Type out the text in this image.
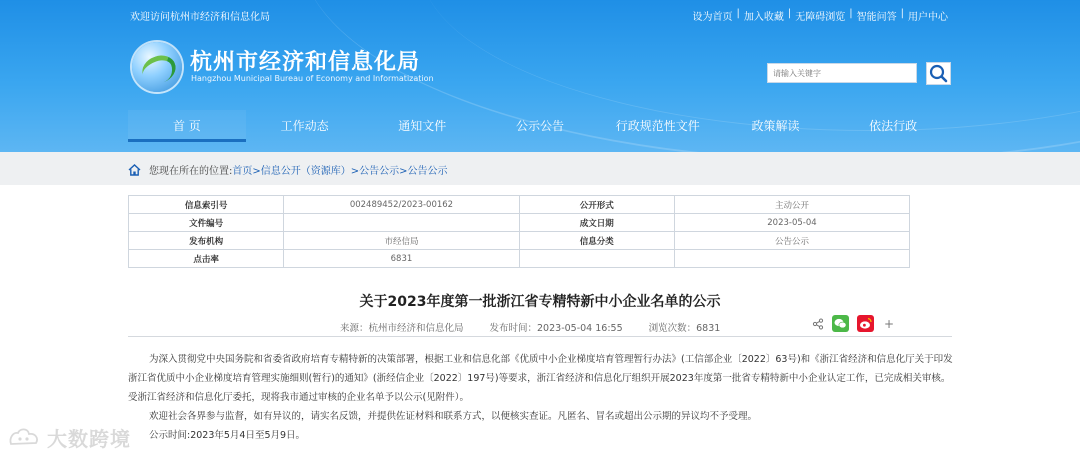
欢迎访问杭州市经济和信息化局	设为首页 | 加入收藏 | 无障碍浏览 | 智能问答 | 用户中心
杭州市经济和信息化局
Hangzhou Municipal Bureau of Economy and Informatization
请输入关键字
首 页	工作动态	通知文件	公示公告	行政规范性文件	政策解读	依法行政
您现在所在的位置: 首页> 信息公开（资源库）> 公告公示> 公告公示
信息索引号	002489452/2023-00162	公开形式	主动公开
文件编号		成文日期	2023-05-04
发布机构	市经信局	信息分类	公告公示
点击率	6831		
关于2023年度第一批浙江省专精特新中小企业名单的公示
来源：杭州市经济和信息化局	发布时间：2023-05-04 16:55	浏览次数：6831	+

为深入贯彻党中央国务院和省委省政府培育专精特新的决策部署，根据工业和信息化部《优质中小企业梯度培育管理暂行办法》(工信部企业〔2022〕63号)和《浙江省经济和信息化厅关于印发浙江省优质中小企业梯度培育管理实施细则(暂行)的通知》(浙经信企业〔2022〕197号)等要求，浙江省经济和信息化厅组织开展2023年度第一批省专精特新中小企业认定工作，已完成相关审核。受浙江省经济和信息化厅委托，现将我市通过审核的企业名单予以公示(见附件）。

欢迎社会各界参与监督，如有异议的，请实名反馈，并提供佐证材料和联系方式，以便核实查证。凡匿名、冒名或超出公示期的异议均不予受理。

公示时间:2023年5月4日至5月9日。

大数跨境
